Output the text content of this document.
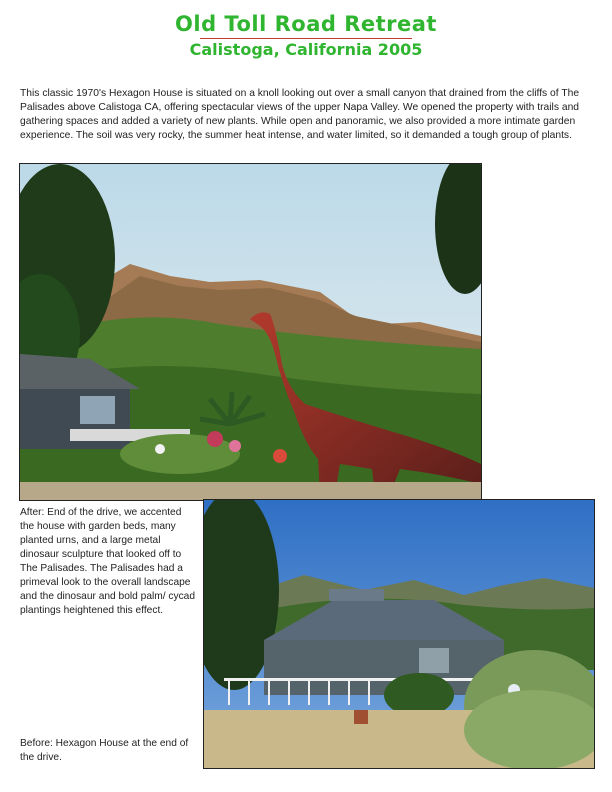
Old Toll Road Retreat
Calistoga, California 2005
This classic 1970's Hexagon House is situated on a knoll looking out over a small canyon that drained from the cliffs of The Palisades above Calistoga CA, offering spectacular views of the upper Napa Valley. We opened the property with trails and gathering spaces and added a variety of new plants. While open and panoramic, we also provided a more intimate garden experience. The soil was very rocky, the summer heat intense, and water limited, so it demanded a tough group of plants.
After: End of the drive, we accented the house with garden beds, many planted urns, and a large metal dinosaur sculpture that looked off to The Palisades. The Palisades had a primeval look to the overall landscape and the dinosaur and bold palm/ cycad plantings heightened this effect.
Before: Hexagon House at the end of the drive.
